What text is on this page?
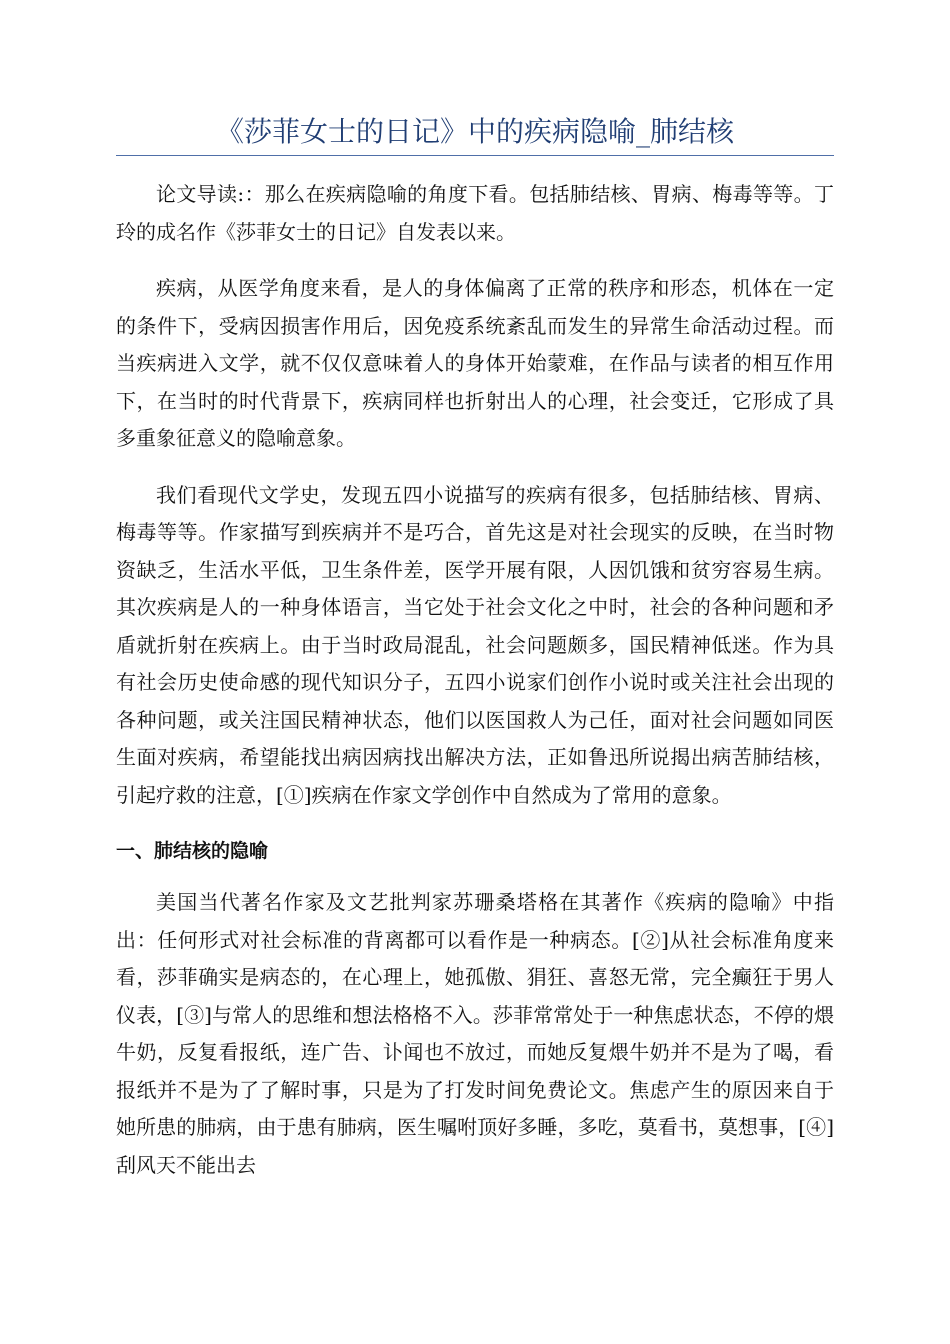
《莎菲女士的日记》中的疾病隐喻_肺结核

论文导读:：那么在疾病隐喻的角度下看。包括肺结核、胃病、梅毒等等。丁玲的成名作《莎菲女士的日记》自发表以来。

疾病，从医学角度来看，是人的身体偏离了正常的秩序和形态，机体在一定的条件下，受病因损害作用后，因免疫系统紊乱而发生的异常生命活动过程。而当疾病进入文学，就不仅仅意味着人的身体开始蒙难，在作品与读者的相互作用下，在当时的时代背景下，疾病同样也折射出人的心理，社会变迁，它形成了具多重象征意义的隐喻意象。

我们看现代文学史，发现五四小说描写的疾病有很多，包括肺结核、胃病、梅毒等等。作家描写到疾病并不是巧合，首先这是对社会现实的反映，在当时物资缺乏，生活水平低，卫生条件差，医学开展有限，人因饥饿和贫穷容易生病。其次疾病是人的一种身体语言，当它处于社会文化之中时，社会的各种问题和矛盾就折射在疾病上。由于当时政局混乱，社会问题颇多，国民精神低迷。作为具有社会历史使命感的现代知识分子，五四小说家们创作小说时或关注社会出现的各种问题，或关注国民精神状态，他们以医国救人为己任，面对社会问题如同医生面对疾病，希望能找出病因病找出解决方法，正如鲁迅所说揭出病苦肺结核，引起疗救的注意，[①]疾病在作家文学创作中自然成为了常用的意象。

一、肺结核的隐喻

美国当代著名作家及文艺批判家苏珊桑塔格在其著作《疾病的隐喻》中指出：任何形式对社会标准的背离都可以看作是一种病态。[②]从社会标准角度来看，莎菲确实是病态的，在心理上，她孤傲、狷狂、喜怒无常，完全癫狂于男人仪表，[③]与常人的思维和想法格格不入。莎菲常常处于一种焦虑状态，不停的煨牛奶，反复看报纸，连广告、讣闻也不放过，而她反复煨牛奶并不是为了喝，看报纸并不是为了了解时事，只是为了打发时间免费论文。焦虑产生的原因来自于她所患的肺病，由于患有肺病，医生嘱咐顶好多睡，多吃，莫看书，莫想事，[④]刮风天不能出去
